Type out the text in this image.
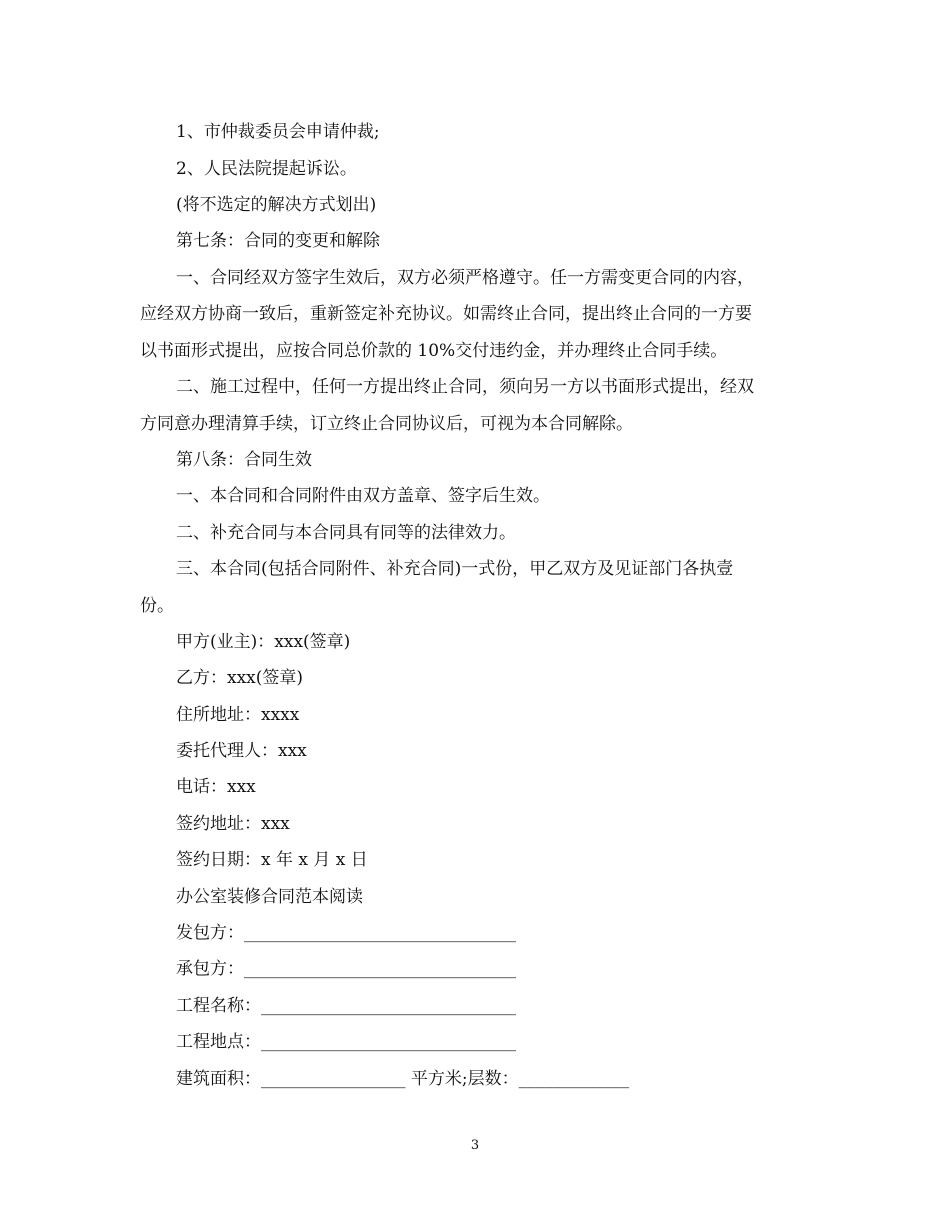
1、市仲裁委员会申请仲裁;
2、人民法院提起诉讼。
(将不选定的解决方式划出)
第七条：合同的变更和解除
一、合同经双方签字生效后，双方必须严格遵守。任一方需变更合同的内容，
应经双方协商一致后，重新签定补充协议。如需终止合同，提出终止合同的一方要
以书面形式提出，应按合同总价款的 10%交付违约金，并办理终止合同手续。
二、施工过程中，任何一方提出终止合同，须向另一方以书面形式提出，经双
方同意办理清算手续，订立终止合同协议后，可视为本合同解除。
第八条：合同生效
一、本合同和合同附件由双方盖章、签字后生效。
二、补充合同与本合同具有同等的法律效力。
三、本合同(包括合同附件、补充合同)一式份，甲乙双方及见证部门各执壹
份。
甲方(业主)：xxx(签章)
乙方：xxx(签章)
住所地址：xxxx
委托代理人：xxx
电话：xxx
签约地址：xxx
签约日期：x 年 x 月 x 日
办公室装修合同范本阅读
发包方：________________________________
承包方：________________________________
工程名称：______________________________
工程地点：______________________________
建筑面积：_________________ 平方米;层数：_____________
3
